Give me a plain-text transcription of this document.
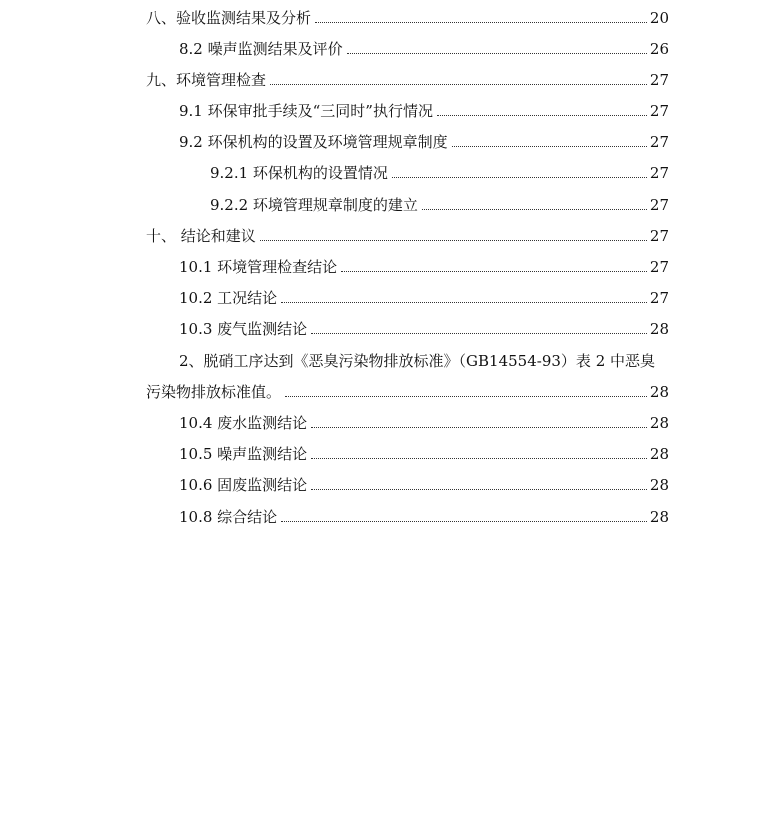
八、验收监测结果及分析	20
8.2 噪声监测结果及评价	26
九、环境管理检查	27
9.1 环保审批手续及“三同时”执行情况	27
9.2 环保机构的设置及环境管理规章制度	27
9.2.1 环保机构的设置情况	27
9.2.2 环境管理规章制度的建立	27
十、 结论和建议	27
10.1 环境管理检查结论	27
10.2 工况结论	27
10.3 废气监测结论	28
2、脱硝工序达到《恶臭污染物排放标准》（GB14554-93）表 2 中恶臭
污染物排放标准值。	28
10.4 废水监测结论	28
10.5 噪声监测结论	28
10.6 固废监测结论	28
10.8 综合结论	28
